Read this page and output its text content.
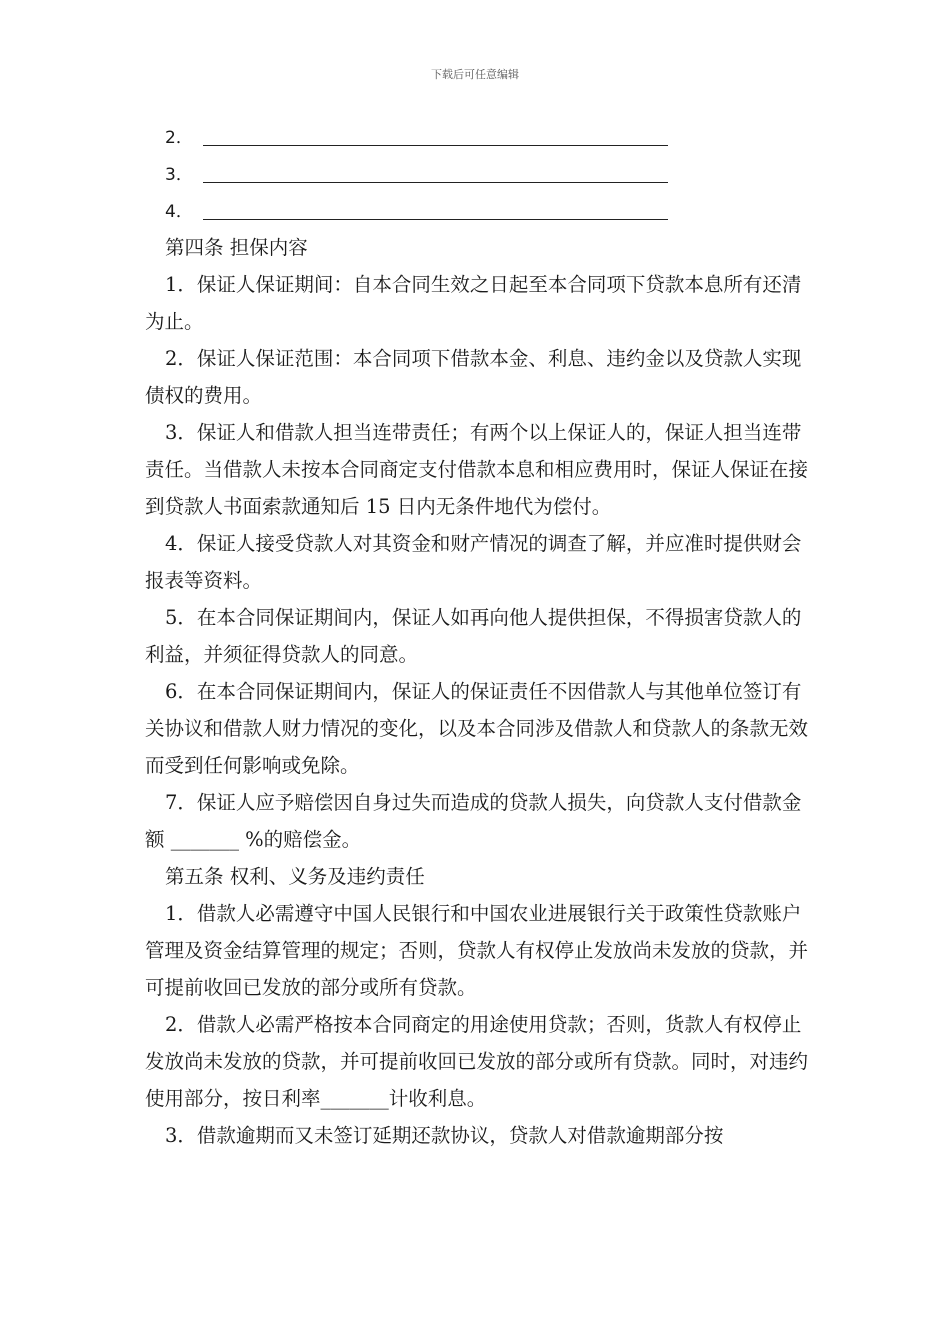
下载后可任意编辑
2．
3．
4．

第四条 担保内容

1．保证人保证期间：自本合同生效之日起至本合同项下贷款本息所有还清为止。

2．保证人保证范围：本合同项下借款本金、利息、违约金以及贷款人实现债权的费用。

3．保证人和借款人担当连带责任；有两个以上保证人的，保证人担当连带责任。当借款人未按本合同商定支付借款本息和相应费用时，保证人保证在接到贷款人书面索款通知后 15 日内无条件地代为偿付。

4．保证人接受贷款人对其资金和财产情况的调查了解，并应准时提供财会报表等资料。

5．在本合同保证期间内，保证人如再向他人提供担保，不得损害贷款人的利益，并须征得贷款人的同意。

6．在本合同保证期间内，保证人的保证责任不因借款人与其他单位签订有关协议和借款人财力情况的变化，以及本合同涉及借款人和贷款人的条款无效而受到任何影响或免除。

7．保证人应予赔偿因自身过失而造成的贷款人损失，向贷款人支付借款金额 _______ %的赔偿金。

第五条 权利、义务及违约责任

1．借款人必需遵守中国人民银行和中国农业进展银行关于政策性贷款账户管理及资金结算管理的规定；否则，贷款人有权停止发放尚未发放的贷款，并可提前收回已发放的部分或所有贷款。

2．借款人必需严格按本合同商定的用途使用贷款；否则，货款人有权停止发放尚未发放的贷款，并可提前收回已发放的部分或所有贷款。同时，对违约使用部分，按日利率_______计收利息。

3．借款逾期而又未签订延期还款协议，贷款人对借款逾期部分按
